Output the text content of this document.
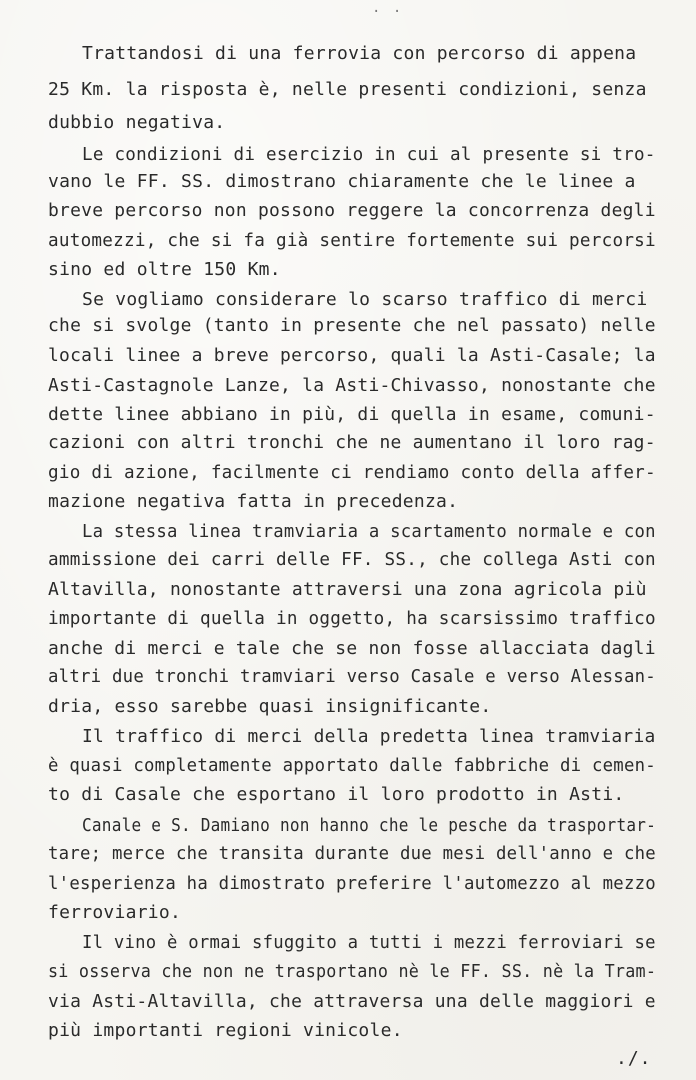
· ·
Trattandosi di una ferrovia con percorso di appena
25 Km. la risposta è, nelle presenti condizioni, senza
dubbio negativa.
Le condizioni di esercizio in cui al presente si tro-
vano le FF. SS. dimostrano chiaramente che le linee a
breve percorso non possono reggere la concorrenza degli
automezzi, che si fa già sentire fortemente sui percorsi
sino ed oltre 150 Km.
Se vogliamo considerare lo scarso traffico di merci
che si svolge (tanto in presente che nel passato) nelle
locali linee a breve percorso, quali la Asti-Casale; la
Asti-Castagnole Lanze, la Asti-Chivasso, nonostante che
dette linee abbiano in più, di quella in esame, comuni-
cazioni con altri tronchi che ne aumentano il loro rag-
gio di azione, facilmente ci rendiamo conto della affer-
mazione negativa fatta in precedenza.
La stessa linea tramviaria a scartamento normale e con
ammissione dei carri delle FF. SS., che collega Asti con
Altavilla, nonostante attraversi una zona agricola più
importante di quella in oggetto, ha scarsissimo traffico
anche di merci e tale che se non fosse allacciata dagli
altri due tronchi tramviari verso Casale e verso Alessan-
dria, esso sarebbe quasi insignificante.
Il traffico di merci della predetta linea tramviaria
è quasi completamente apportato dalle fabbriche di cemen-
to di Casale che esportano il loro prodotto in Asti.
Canale e S. Damiano non hanno che le pesche da trasportar-
tare; merce che transita durante due mesi dell'anno e che
l'esperienza ha dimostrato preferire l'automezzo al mezzo
ferroviario.
Il vino è ormai sfuggito a tutti i mezzi ferroviari se
si osserva che non ne trasportano nè le FF. SS. nè la Tram-
via Asti-Altavilla, che attraversa una delle maggiori e
più importanti regioni vinicole.
./.
